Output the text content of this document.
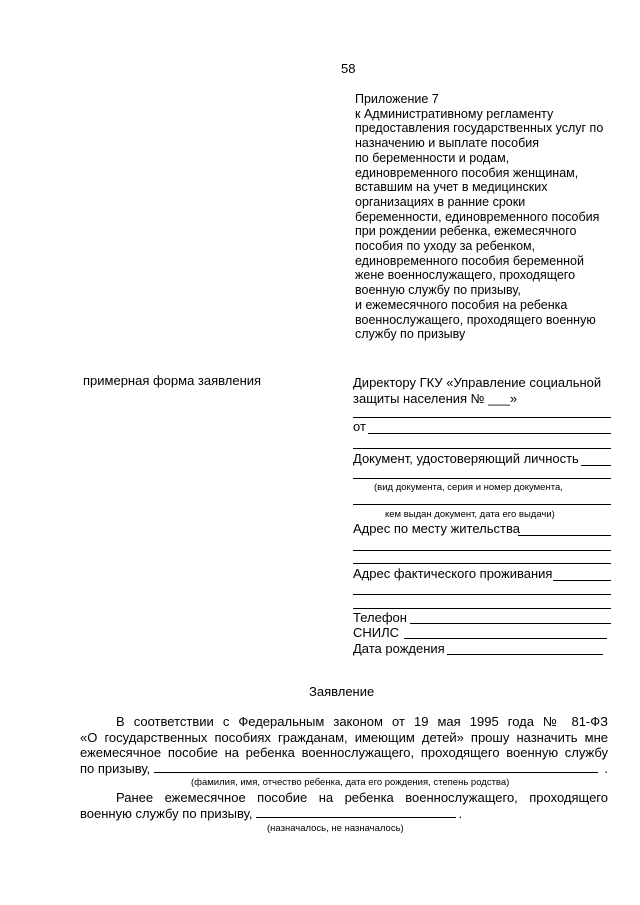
58
Приложение 7
к Административному регламенту
предоставления государственных услуг по
назначению и выплате пособия
по беременности и родам,
единовременного пособия женщинам,
вставшим на учет в медицинских
организациях в ранние сроки
беременности, единовременного пособия
при рождении ребенка, ежемесячного
пособия по уходу за ребенком,
единовременного пособия беременной
жене военнослужащего, проходящего
военную службу по призыву,
и ежемесячного пособия на ребенка
военнослужащего, проходящего военную
службу по призыву
примерная форма заявления	Директору ГКУ «Управление социальной
защиты населения № ___»
от
Документ, удостоверяющий личность
(вид документа, серия и номер документа,
кем выдан документ, дата его выдачи)
Адрес по месту жительства
Адрес фактического проживания
Телефон
СНИЛС
Дата рождения
Заявление
В соответствии с Федеральным законом от 19 мая 1995 года № 81-ФЗ
«О государственных пособиях гражданам, имеющим детей» прошу назначить мне
ежемесячное пособие на ребенка военнослужащего, проходящего военную службу
по призыву,	.
(фамилия, имя, отчество ребенка, дата его рождения, степень родства)
Ранее ежемесячное пособие на ребенка военнослужащего, проходящего
военную службу по призыву,	.
(назначалось, не назначалось)
